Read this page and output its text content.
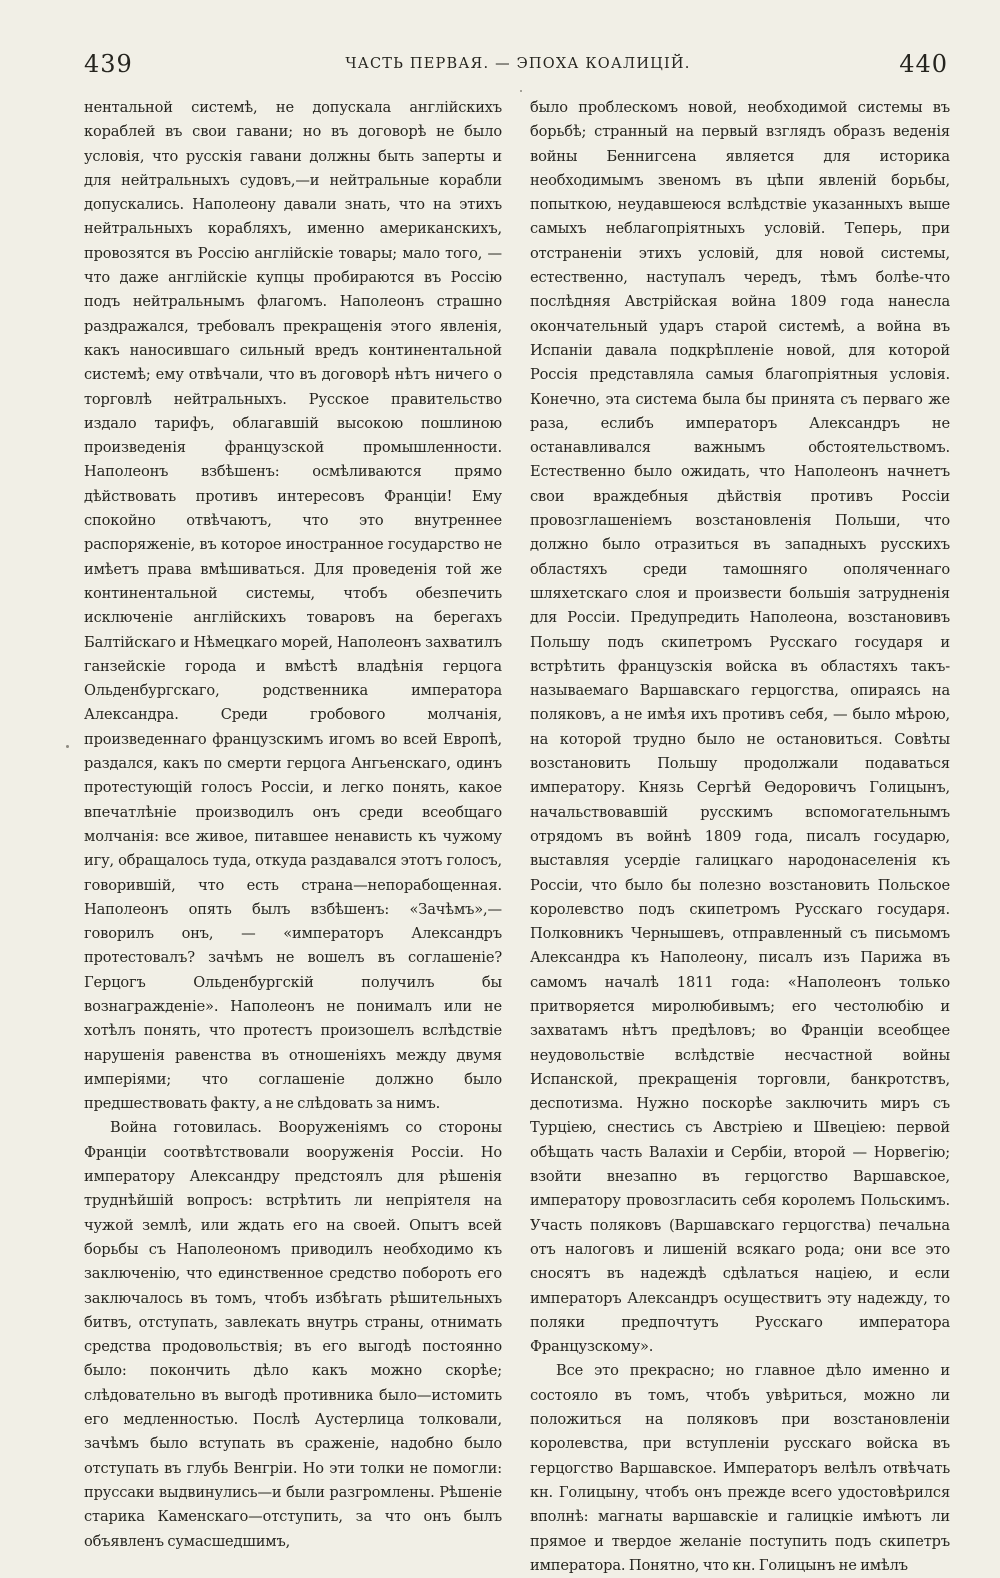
439	ЧАСТЬ ПЕРВАЯ. — ЭПОХА КОАЛИЦІЙ.	440

нентальной системѣ, не допускала англійскихъ кораблей въ свои гавани; но въ договорѣ не было условія, что русскія гавани должны быть заперты и для нейтральныхъ судовъ,—и нейтральные корабли допускались. Наполеону давали знать, что на этихъ нейтральныхъ корабляхъ, именно американскихъ, провозятся въ Россію англійскіе товары; мало того, — что даже англійскіе купцы пробираются въ Россію подъ нейтральнымъ флагомъ. Наполеонъ страшно раздражался, требовалъ прекращенія этого явленія, какъ наносившаго сильный вредъ континентальной системѣ; ему отвѣчали, что въ договорѣ нѣтъ ничего о торговлѣ нейтральныхъ. Русское правительство издало тарифъ, облагавшій высокою пошлиною произведенія французской промышленности. Наполеонъ взбѣшенъ: осмѣливаются прямо дѣйствовать противъ интересовъ Франціи! Ему спокойно отвѣчаютъ, что это внутреннее распоряженіе, въ которое иностранное государство не имѣетъ права вмѣшиваться. Для проведенія той же континентальной системы, чтобъ обезпечить исключеніе англійскихъ товаровъ на берегахъ Балтійскаго и Нѣмецкаго морей, Наполеонъ захватилъ ганзейскіе города и вмѣстѣ владѣнія герцога Ольденбургскаго, родственника императора Александра. Среди гробового молчанія, произведеннаго французскимъ игомъ во всей Европѣ, раздался, какъ по смерти герцога Ангьенскаго, одинъ протестующій голосъ Россіи, и легко понять, какое впечатлѣніе производилъ онъ среди всеобщаго молчанія: все живое, питавшее ненависть къ чужому игу, обращалось туда, откуда раздавался этотъ голосъ, говорившій, что есть страна—непорабощенная. Наполеонъ опять былъ взбѣшенъ: «Зачѣмъ»,—говорилъ онъ, — «императоръ Александръ протестовалъ? зачѣмъ не вошелъ въ соглашеніе? Герцогъ Ольденбургскій получилъ бы вознагражденіе». Наполеонъ не понималъ или не хотѣлъ понять, что протестъ произошелъ вслѣдствіе нарушенія равенства въ отношеніяхъ между двумя имперіями; что соглашеніе должно было предшествовать факту, а не слѣдовать за нимъ.

Война готовилась. Вооруженіямъ со стороны Франціи соотвѣтствовали вооруженія Россіи. Но императору Александру предстоялъ для рѣшенія труднѣйшій вопросъ: встрѣтить ли непріятеля на чужой землѣ, или ждать его на своей. Опытъ всей борьбы съ Наполеономъ приводилъ необходимо къ заключенію, что единственное средство побороть его заключалось въ томъ, чтобъ избѣгать рѣшительныхъ битвъ, отступать, завлекать внутрь страны, отнимать средства продовольствія; въ его выгодѣ постоянно было: покончить дѣло какъ можно скорѣе; слѣдовательно въ выгодѣ противника было—истомить его медленностью. Послѣ Аустерлица толковали, зачѣмъ было вступать въ сраженіе, надобно было отступать въ глубь Венгріи. Но эти толки не помогли: пруссаки выдвинулись—и были разгромлены. Рѣшеніе старика Каменскаго—отступить, за что онъ былъ объявленъ сумасшедшимъ,

было проблескомъ новой, необходимой системы въ борьбѣ; странный на первый взглядъ образъ веденія войны Беннигсена является для историка необходимымъ звеномъ въ цѣпи явленій борьбы, попыткою, неудавшеюся вслѣдствіе указанныхъ выше самыхъ неблагопріятныхъ условій. Теперь, при отстраненіи этихъ условій, для новой системы, естественно, наступалъ чередъ, тѣмъ болѣе-что послѣдняя Австрійская война 1809 года нанесла окончательный ударъ старой системѣ, а война въ Испаніи давала подкрѣпленіе новой, для которой Россія представляла самыя благопріятныя условія. Конечно, эта система была бы принята съ перваго же раза, еслибъ императоръ Александръ не останавливался важнымъ обстоятельствомъ. Естественно было ожидать, что Наполеонъ начнетъ свои враждебныя дѣйствія противъ Россіи провозглашеніемъ возстановленія Польши, что должно было отразиться въ западныхъ русскихъ областяхъ среди тамошняго ополяченнаго шляхетскаго слоя и произвести большія затрудненія для Россіи. Предупредить Наполеона, возстановивъ Польшу подъ скипетромъ Русскаго государя и встрѣтить французскія войска въ областяхъ такъ-называемаго Варшавскаго герцогства, опираясь на поляковъ, а не имѣя ихъ противъ себя, — было мѣрою, на которой трудно было не остановиться. Совѣты возстановить Польшу продолжали подаваться императору. Князь Сергѣй Ѳедоровичъ Голицынъ, начальствовавшій русскимъ вспомогательнымъ отрядомъ въ войнѣ 1809 года, писалъ государю, выставляя усердіе галицкаго народонаселенія къ Россіи, что было бы полезно возстановить Польское королевство подъ скипетромъ Русскаго государя. Полковникъ Чернышевъ, отправленный съ письмомъ Александра къ Наполеону, писалъ изъ Парижа въ самомъ началѣ 1811 года: «Наполеонъ только притворяется миролюбивымъ; его честолюбію и захватамъ нѣтъ предѣловъ; во Франціи всеобщее неудовольствіе вслѣдствіе несчастной войны Испанской, прекращенія торговли, банкротствъ, деспотизма. Нужно поскорѣе заключить миръ съ Турціею, снестись съ Австріею и Швеціею: первой обѣщать часть Валахіи и Сербіи, второй — Норвегію; взойти внезапно въ герцогство Варшавское, императору провозгласить себя королемъ Польскимъ. Участь поляковъ (Варшавскаго герцогства) печальна отъ налоговъ и лишеній всякаго рода; они все это сносятъ въ надеждѣ сдѣлаться націею, и если императоръ Александръ осуществитъ эту надежду, то поляки предпочтутъ Русскаго императора Французскому».

Все это прекрасно; но главное дѣло именно и состояло въ томъ, чтобъ увѣриться, можно ли положиться на поляковъ при возстановленіи королевства, при вступленіи русскаго войска въ герцогство Варшавское. Императоръ велѣлъ отвѣчать кн. Голицыну, чтобъ онъ прежде всего удостовѣрился вполнѣ: магнаты варшавскіе и галицкіе имѣютъ ли прямое и твердое желаніе поступить подъ скипетръ императора. Понятно, что кн. Голицынъ не имѣлъ
